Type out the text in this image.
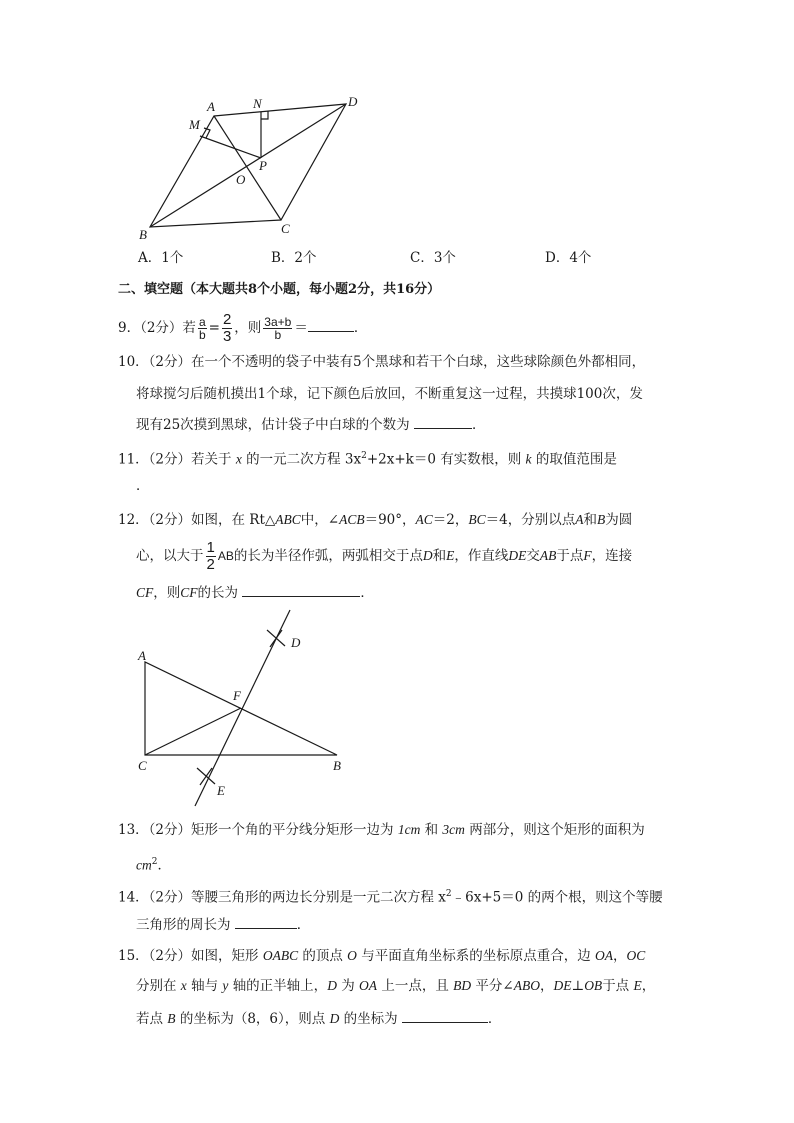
A	N	D
M
P
O
B	C
A．1个	B．2个	C．3个	D．4个
二、填空题（本大题共8个小题，每小题2分，共16分）
9．（2分）若 $\frac{a}{b} = \frac{2}{3}$ ，则 $\frac{3a+b}{b}$ ＝	．
10．（2分）在一个不透明的袋子中装有5个黑球和若干个白球，这些球除颜色外都相同，
将球搅匀后随机摸出1个球，记下颜色后放回，不断重复这一过程，共摸球100次，发
现有25次摸到黑球，估计袋子中白球的个数为	．
11．（2分）若关于 x 的一元二次方程 $3x^2+2x+k=0$ 有实数根，则 k 的取值范围是
．
12．（2分）如图，在 Rt△ABC中，∠ACB＝90°，AC＝2，BC＝4，分别以点A和B为圆
心，以大于 $\frac{1}{2}$ AB的长为半径作弧，两弧相交于点D和E，作直线DE交AB于点F，连接
CF，则CF的长为	．
A
D
F
C	B
E
13．（2分）矩形一个角的平分线分矩形一边为 1cm 和 3cm 两部分，则这个矩形的面积为
$cm^2$．
14．（2分）等腰三角形的两边长分别是一元二次方程 $x^2﹣6x+5=0$ 的两个根，则这个等腰
三角形的周长为	．
15．（2分）如图，矩形 OABC 的顶点 O 与平面直角坐标系的坐标原点重合，边 OA，OC
分别在 x 轴与 y 轴的正半轴上，D 为 OA 上一点，且 BD 平分∠ABO，DE⊥OB于点 E，
若点 B 的坐标为（8，6），则点 D 的坐标为	．
